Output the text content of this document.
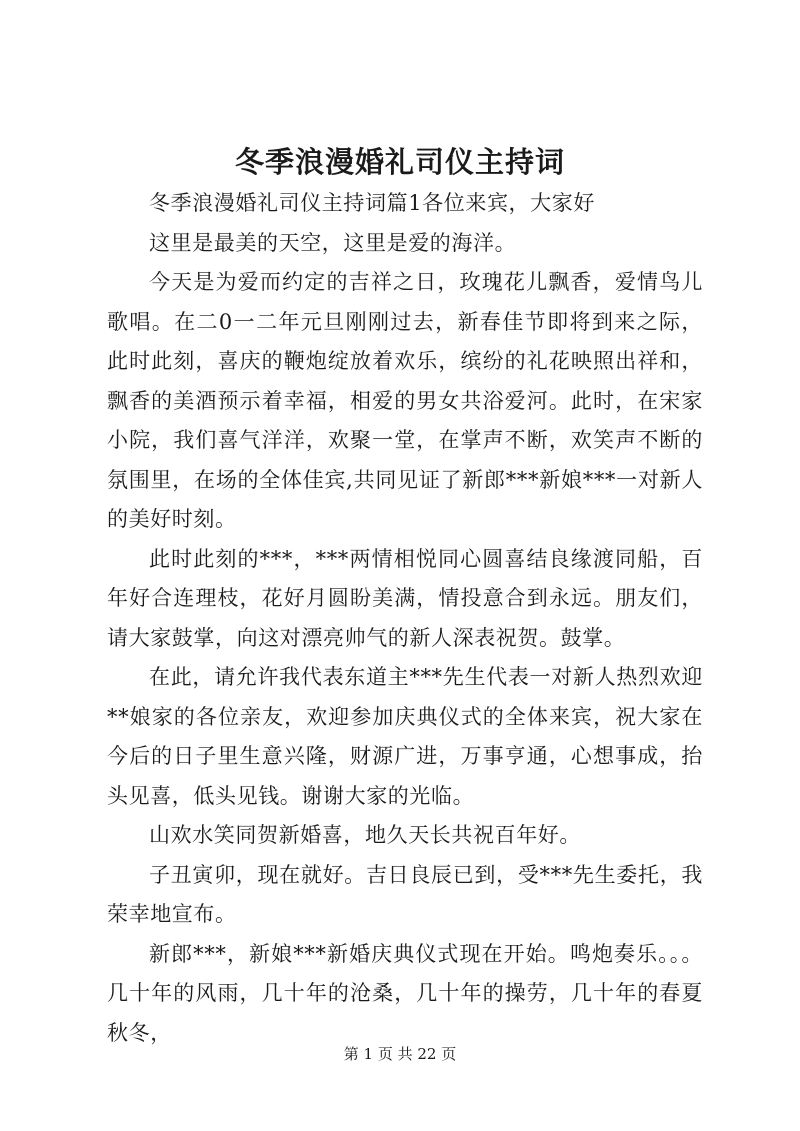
冬季浪漫婚礼司仪主持词

冬季浪漫婚礼司仪主持词篇1各位来宾，大家好

这里是最美的天空，这里是爱的海洋。

今天是为爱而约定的吉祥之日，玫瑰花儿飘香，爱情鸟儿歌唱。在二0一二年元旦刚刚过去，新春佳节即将到来之际，此时此刻，喜庆的鞭炮绽放着欢乐，缤纷的礼花映照出祥和，飘香的美酒预示着幸福，相爱的男女共浴爱河。此时，在宋家小院，我们喜气洋洋，欢聚一堂，在掌声不断，欢笑声不断的氛围里，在场的全体佳宾,共同见证了新郎***新娘***一对新人的美好时刻。

此时此刻的***，***两情相悦同心圆喜结良缘渡同船，百年好合连理枝，花好月圆盼美满，情投意合到永远。朋友们，请大家鼓掌，向这对漂亮帅气的新人深表祝贺。鼓掌。

在此，请允许我代表东道主***先生代表一对新人热烈欢迎**娘家的各位亲友，欢迎参加庆典仪式的全体来宾，祝大家在今后的日子里生意兴隆，财源广进，万事亨通，心想事成，抬头见喜，低头见钱。谢谢大家的光临。

山欢水笑同贺新婚喜，地久天长共祝百年好。

子丑寅卯，现在就好。吉日良辰已到，受***先生委托，我荣幸地宣布。

新郎***，新娘***新婚庆典仪式现在开始。鸣炮奏乐。。。几十年的风雨，几十年的沧桑，几十年的操劳，几十年的春夏秋冬，

第 1 页 共 22 页
